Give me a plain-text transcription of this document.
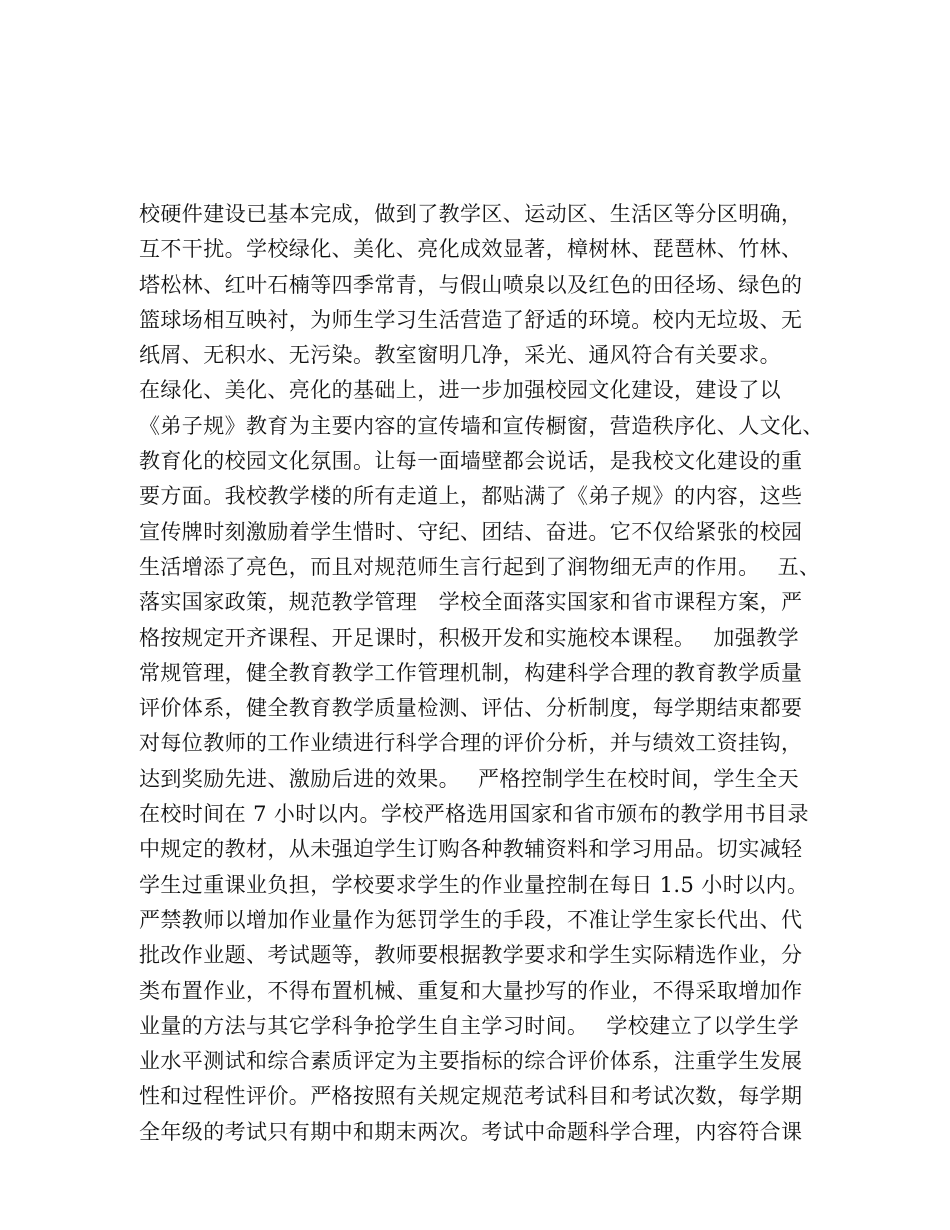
校硬件建设已基本完成，做到了教学区、运动区、生活区等分区明确，
互不干扰。学校绿化、美化、亮化成效显著，樟树林、琵琶林、竹林、
塔松林、红叶石楠等四季常青，与假山喷泉以及红色的田径场、绿色的
篮球场相互映衬，为师生学习生活营造了舒适的环境。校内无垃圾、无
纸屑、无积水、无污染。教室窗明几净，采光、通风符合有关要求。
在绿化、美化、亮化的基础上，进一步加强校园文化建设，建设了以
《弟子规》教育为主要内容的宣传墙和宣传橱窗，营造秩序化、人文化、
教育化的校园文化氛围。让每一面墙壁都会说话，是我校文化建设的重
要方面。我校教学楼的所有走道上，都贴满了《弟子规》的内容，这些
宣传牌时刻激励着学生惜时、守纪、团结、奋进。它不仅给紧张的校园
生活增添了亮色，而且对规范师生言行起到了润物细无声的作用。　 五、
落实国家政策，规范教学管理　学校全面落实国家和省市课程方案，严
格按规定开齐课程、开足课时，积极开发和实施校本课程。　 加强教学
常规管理，健全教育教学工作管理机制，构建科学合理的教育教学质量
评价体系，健全教育教学质量检测、评估、分析制度，每学期结束都要
对每位教师的工作业绩进行科学合理的评价分析，并与绩效工资挂钩，
达到奖励先进、激励后进的效果。　 严格控制学生在校时间，学生全天
在校时间在 7 小时以内。学校严格选用国家和省市颁布的教学用书目录
中规定的教材，从未强迫学生订购各种教辅资料和学习用品。切实减轻
学生过重课业负担，学校要求学生的作业量控制在每日 1.5 小时以内。
严禁教师以增加作业量作为惩罚学生的手段，不准让学生家长代出、代
批改作业题、考试题等，教师要根据教学要求和学生实际精选作业，分
类布置作业，不得布置机械、重复和大量抄写的作业，不得采取增加作
业量的方法与其它学科争抢学生自主学习时间。　 学校建立了以学生学
业水平测试和综合素质评定为主要指标的综合评价体系，注重学生发展
性和过程性评价。严格按照有关规定规范考试科目和考试次数，每学期
全年级的考试只有期中和期末两次。考试中命题科学合理，内容符合课
